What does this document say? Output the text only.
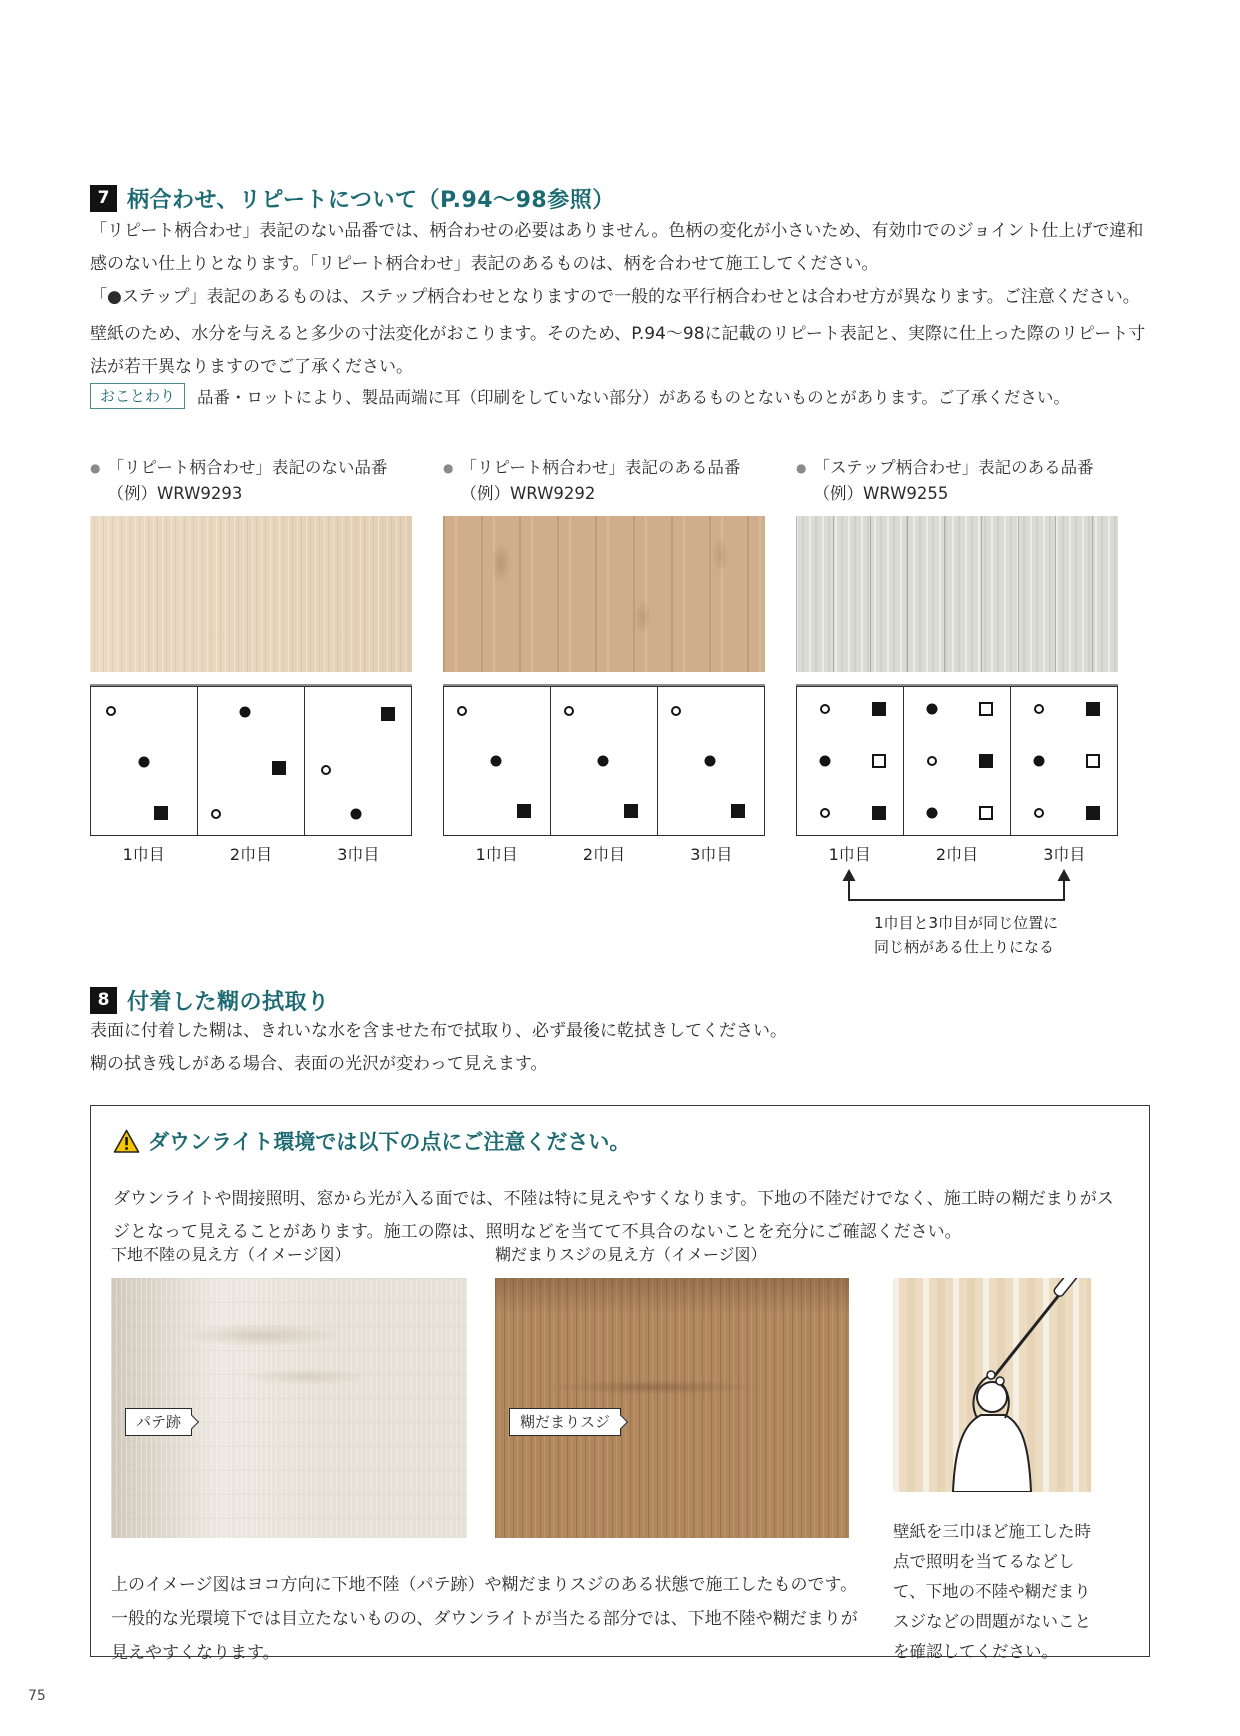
7 柄合わせ、リピートについて（P.94〜98参照）

「リピート柄合わせ」表記のない品番では、柄合わせの必要はありません。色柄の変化が小さいため、有効巾でのジョイント仕上げで違和感のない仕上りとなります。「リピート柄合わせ」表記のあるものは、柄を合わせて施工してください。

「●ステップ」表記のあるものは、ステップ柄合わせとなりますので一般的な平行柄合わせとは合わせ方が異なります。ご注意ください。

壁紙のため、水分を与えると多少の寸法変化がおこります。そのため、P.94〜98に記載のリピート表記と、実際に仕上った際のリピート寸法が若干異なりますのでご了承ください。

おことわり	品番・ロットにより、製品両端に耳（印刷をしていない部分）があるものとないものとがあります。ご了承ください。
● 「リピート柄合わせ」表記のない品番
（例）WRW9293
1巾目	2巾目	3巾目
● 「リピート柄合わせ」表記のある品番
（例）WRW9292
1巾目	2巾目	3巾目
● 「ステップ柄合わせ」表記のある品番
（例）WRW9255
1巾目	2巾目	3巾目
1巾目と3巾目が同じ位置に
同じ柄がある仕上りになる
8 付着した糊の拭取り

表面に付着した糊は、きれいな水を含ませた布で拭取り、必ず最後に乾拭きしてください。

糊の拭き残しがある場合、表面の光沢が変わって見えます。

ダウンライト環境では以下の点にご注意ください。

ダウンライトや間接照明、窓から光が入る面では、不陸は特に見えやすくなります。下地の不陸だけでなく、施工時の糊だまりがスジとなって見えることがあります。施工の際は、照明などを当てて不具合のないことを充分にご確認ください。

下地不陸の見え方（イメージ図）	糊だまりスジの見え方（イメージ図）
パテ跡	糊だまりスジ

上のイメージ図はヨコ方向に下地不陸（パテ跡）や糊だまりスジのある状態で施工したものです。一般的な光環境下では目立たないものの、ダウンライトが当たる部分では、下地不陸や糊だまりが見えやすくなります。

壁紙を三巾ほど施工した時点で照明を当てるなどして、下地の不陸や糊だまりスジなどの問題がないことを確認してください。

75
